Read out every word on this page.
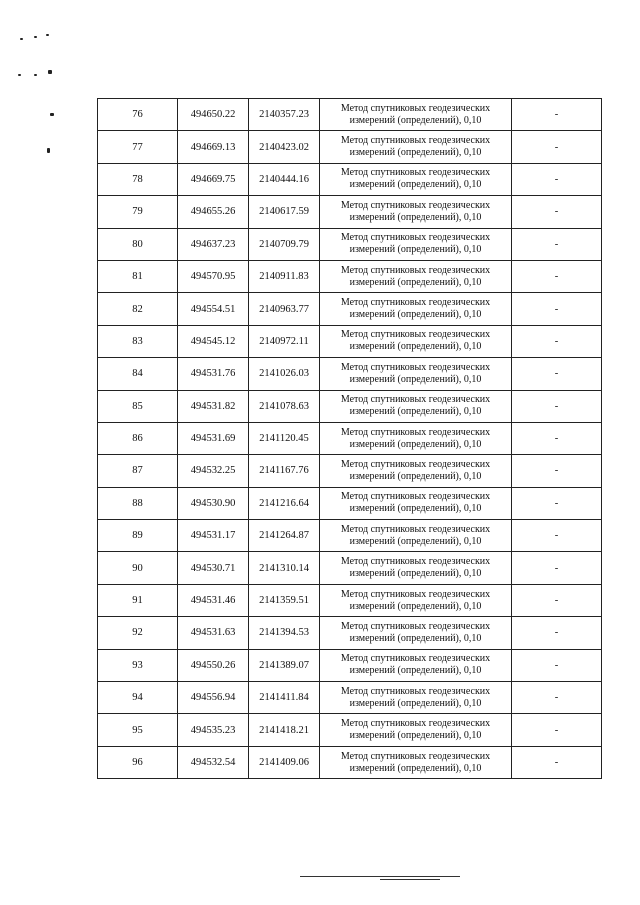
76	494650.22	2140357.23	Метод спутниковых геодезических измерений (определений), 0,10	-
77	494669.13	2140423.02	Метод спутниковых геодезических измерений (определений), 0,10	-
78	494669.75	2140444.16	Метод спутниковых геодезических измерений (определений), 0,10	-
79	494655.26	2140617.59	Метод спутниковых геодезических измерений (определений), 0,10	-
80	494637.23	2140709.79	Метод спутниковых геодезических измерений (определений), 0,10	-
81	494570.95	2140911.83	Метод спутниковых геодезических измерений (определений), 0,10	-
82	494554.51	2140963.77	Метод спутниковых геодезических измерений (определений), 0,10	-
83	494545.12	2140972.11	Метод спутниковых геодезических измерений (определений), 0,10	-
84	494531.76	2141026.03	Метод спутниковых геодезических измерений (определений), 0,10	-
85	494531.82	2141078.63	Метод спутниковых геодезических измерений (определений), 0,10	-
86	494531.69	2141120.45	Метод спутниковых геодезических измерений (определений), 0,10	-
87	494532.25	2141167.76	Метод спутниковых геодезических измерений (определений), 0,10	-
88	494530.90	2141216.64	Метод спутниковых геодезических измерений (определений), 0,10	-
89	494531.17	2141264.87	Метод спутниковых геодезических измерений (определений), 0,10	-
90	494530.71	2141310.14	Метод спутниковых геодезических измерений (определений), 0,10	-
91	494531.46	2141359.51	Метод спутниковых геодезических измерений (определений), 0,10	-
92	494531.63	2141394.53	Метод спутниковых геодезических измерений (определений), 0,10	-
93	494550.26	2141389.07	Метод спутниковых геодезических измерений (определений), 0,10	-
94	494556.94	2141411.84	Метод спутниковых геодезических измерений (определений), 0,10	-
95	494535.23	2141418.21	Метод спутниковых геодезических измерений (определений), 0,10	-
96	494532.54	2141409.06	Метод спутниковых геодезических измерений (определений), 0,10	-
